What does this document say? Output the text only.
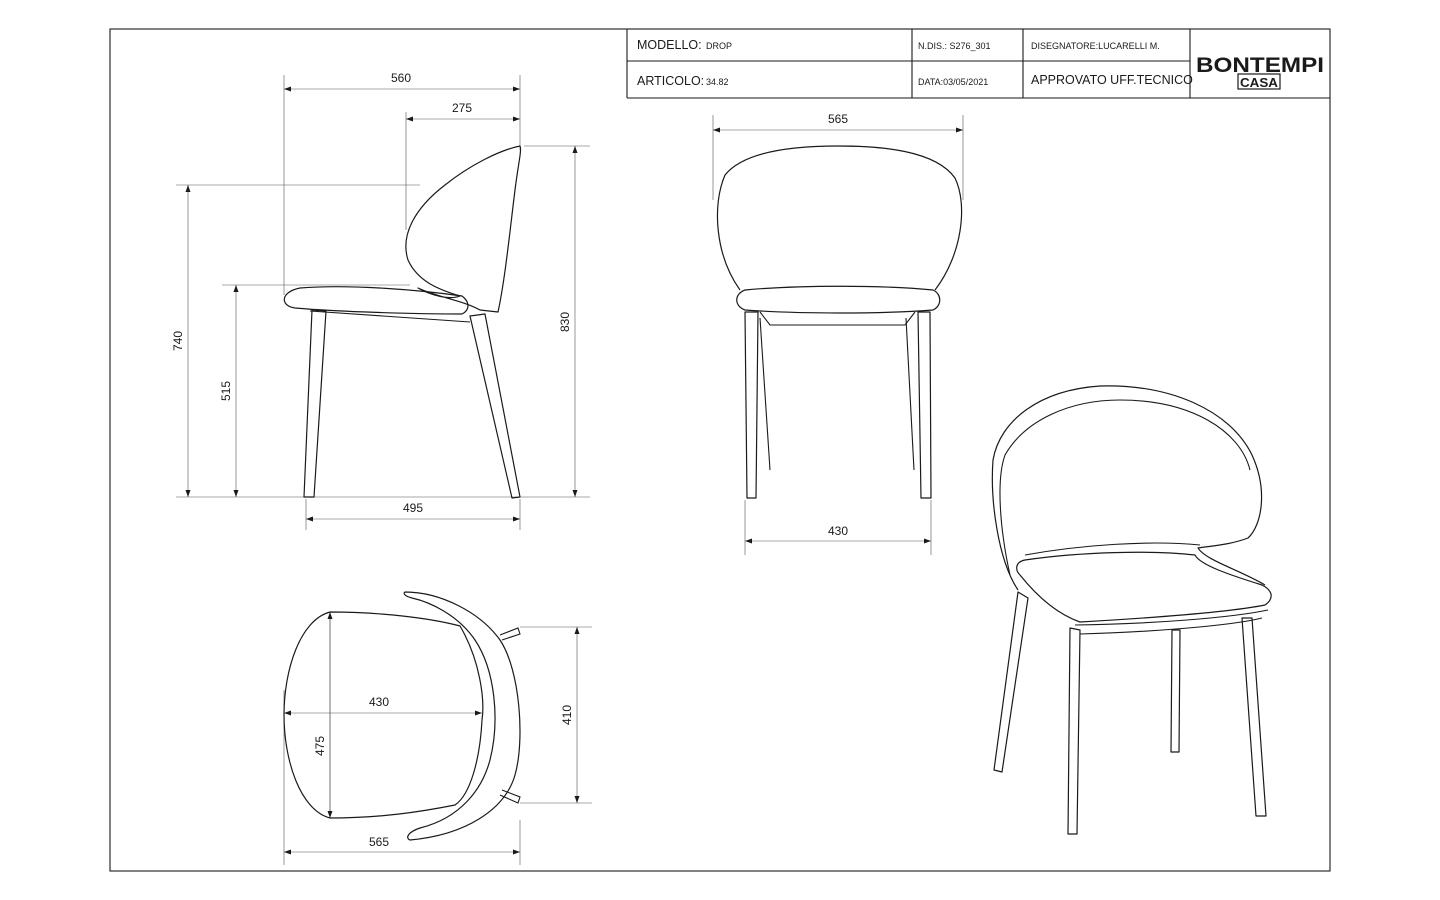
MODELLO: DROP
ARTICOLO: 34.82
N.DIS.: S276_301
DATA:03/05/2021
DISEGNATORE:LUCARELLI M.
APPROVATO UFF.TECNICO
BONTEMPI
CASA
560
275
740
515
830
495
565
430
430
475
410
565
